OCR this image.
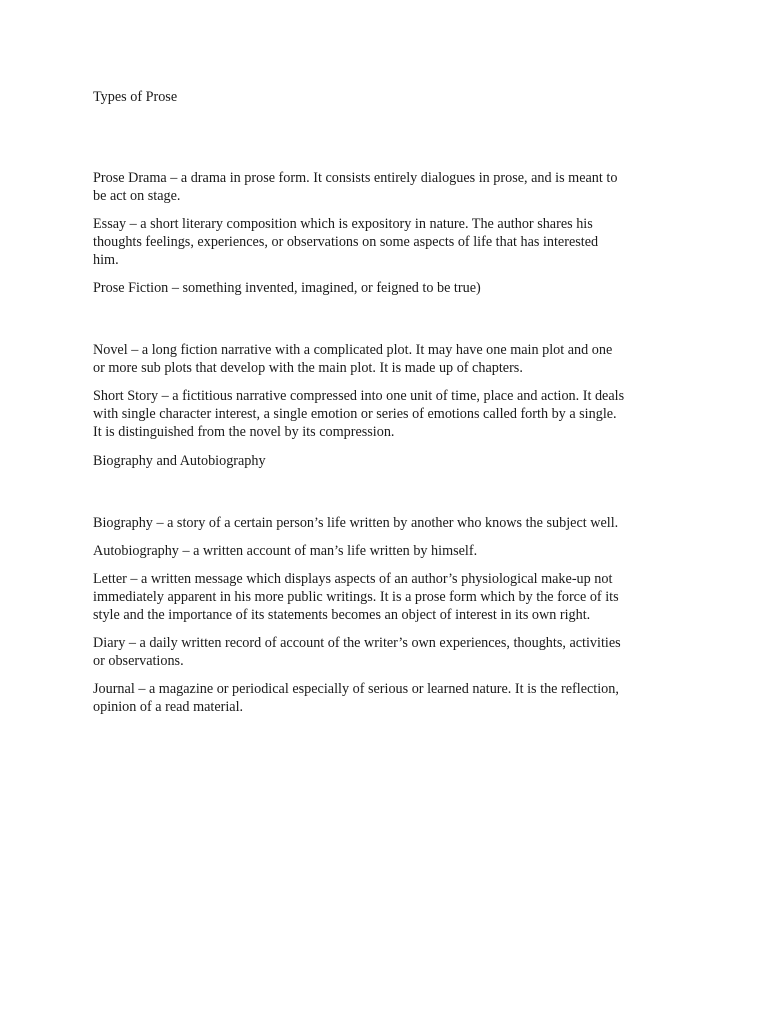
Types of Prose

Prose Drama – a drama in prose form. It consists entirely dialogues in prose, and is meant to

be act on stage.

Essay – a short literary composition which is expository in nature. The author shares his

thoughts feelings, experiences, or observations on some aspects of life that has interested

him.

Prose Fiction – something invented, imagined, or feigned to be true)

Novel – a long fiction narrative with a complicated plot. It may have one main plot and one

or more sub plots that develop with the main plot. It is made up of chapters.

Short Story – a fictitious narrative compressed into one unit of time, place and action. It deals

with single character interest, a single emotion or series of emotions called forth by a single.

It is distinguished from the novel by its compression.

Biography and Autobiography

Biography – a story of a certain person’s life written by another who knows the subject well.

Autobiography – a written account of man’s life written by himself.

Letter – a written message which displays aspects of an author’s physiological make-up not

immediately apparent in his more public writings. It is a prose form which by the force of its

style and the importance of its statements becomes an object of interest in its own right.

Diary – a daily written record of account of the writer’s own experiences, thoughts, activities

or observations.

Journal – a magazine or periodical especially of serious or learned nature. It is the reflection,

opinion of a read material.
